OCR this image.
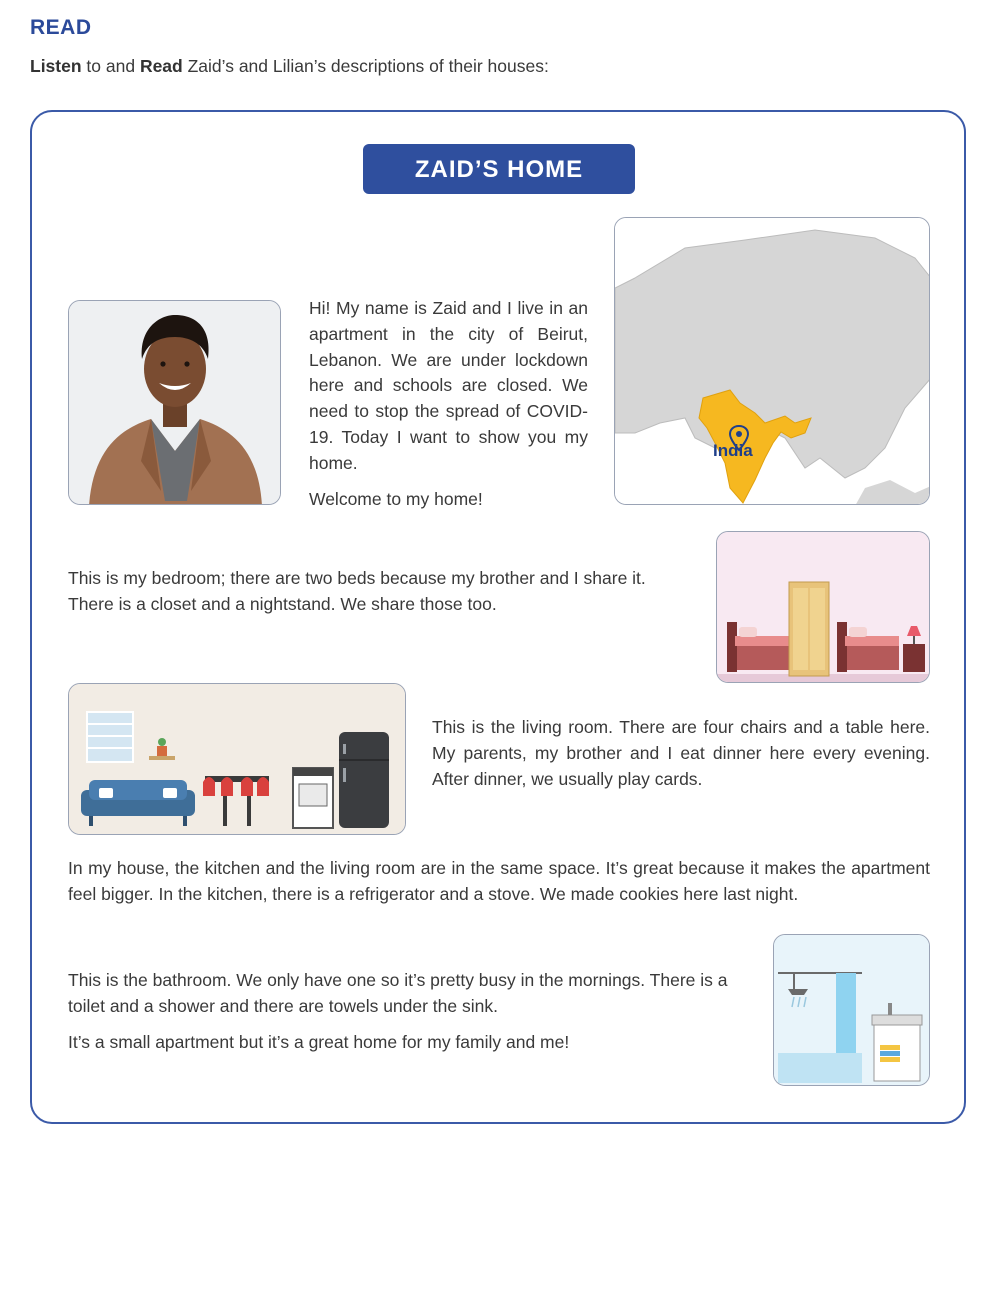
READ

Listen to and Read Zaid’s and Lilian’s descriptions of their houses:

ZAID’S HOME

Hi! My name is Zaid and I live in an apartment in the city of Beirut, Lebanon. We are under lockdown here and schools are closed. We need to stop the spread of COVID-19. Today I want to show you my home.

Welcome to my home!

India

This is my bedroom; there are two beds because my brother and I share it. There is a closet and a nightstand. We share those too.

This is the living room. There are four chairs and a table here. My parents, my brother and I eat dinner here every evening. After dinner, we usually play cards.

In my house, the kitchen and the living room are in the same space. It’s great because it makes the apartment feel bigger. In the kitchen, there is a refrigerator and a stove. We made cookies here last night.

This is the bathroom. We only have one so it’s pretty busy in the mornings. There is a toilet and a shower and there are towels under the sink.

It’s a small apartment but it’s a great home for my family and me!
